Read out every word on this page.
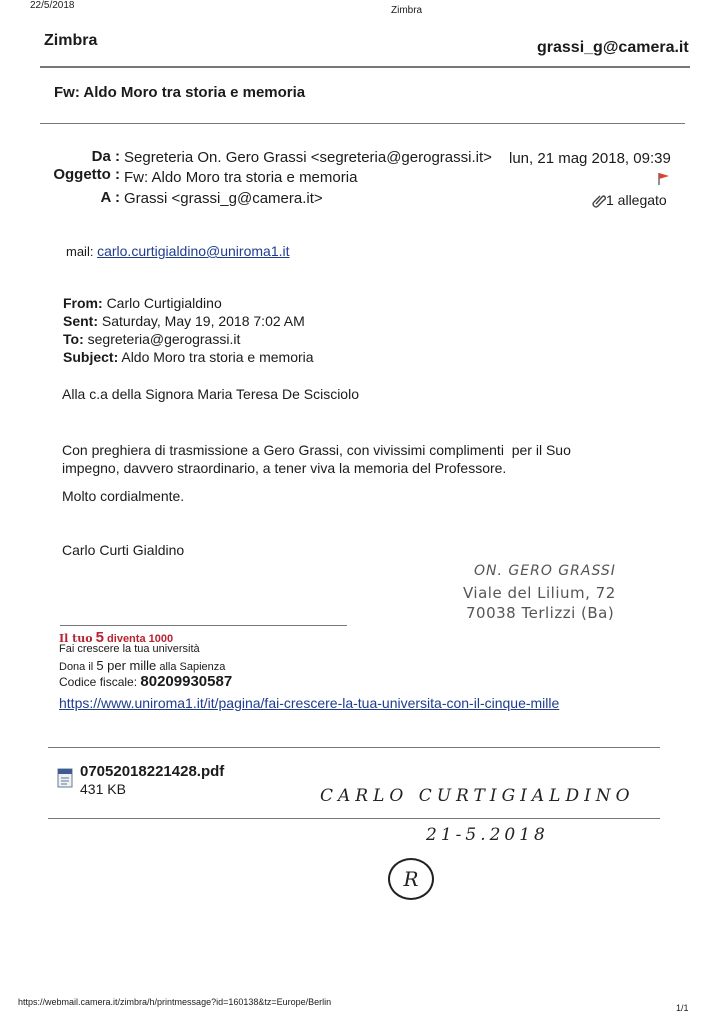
22/5/2018	Zimbra
Zimbra	grassi_g@camera.it
Fw: Aldo Moro tra storia e memoria
Da : Segreteria On. Gero Grassi <segreteria@gerograssi.it> lun, 21 mag 2018, 09:39
Oggetto : Fw: Aldo Moro tra storia e memoria
A : Grassi <grassi_g@camera.it>	1 allegato
mail: carlo.curtigialdino@uniroma1.it
From: Carlo Curtigialdino
Sent: Saturday, May 19, 2018 7:02 AM
To: segreteria@gerograssi.it
Subject: Aldo Moro tra storia e memoria
Alla c.a della Signora Maria Teresa De Scisciolo
Con preghiera di trasmissione a Gero Grassi, con vivissimi complimenti  per il Suo
impegno, davvero straordinario, a tener viva la memoria del Professore.
Molto cordialmente.
Carlo Curti Gialdino
ON. GERO GRASSI
Viale del Lilium, 72
70038 Terlizzi (Ba)
Il tuo 5 diventa 1000
Fai crescere la tua università
Dona il 5 per mille alla Sapienza
Codice fiscale: 80209930587
https://www.uniroma1.it/it/pagina/fai-crescere-la-tua-universita-con-il-cinque-mille
07052018221428.pdf
431 KB	CARLO CURTIGIALDINO
21-5.2018
R
https://webmail.camera.it/zimbra/h/printmessage?id=160138&tz=Europe/Berlin
1/1
